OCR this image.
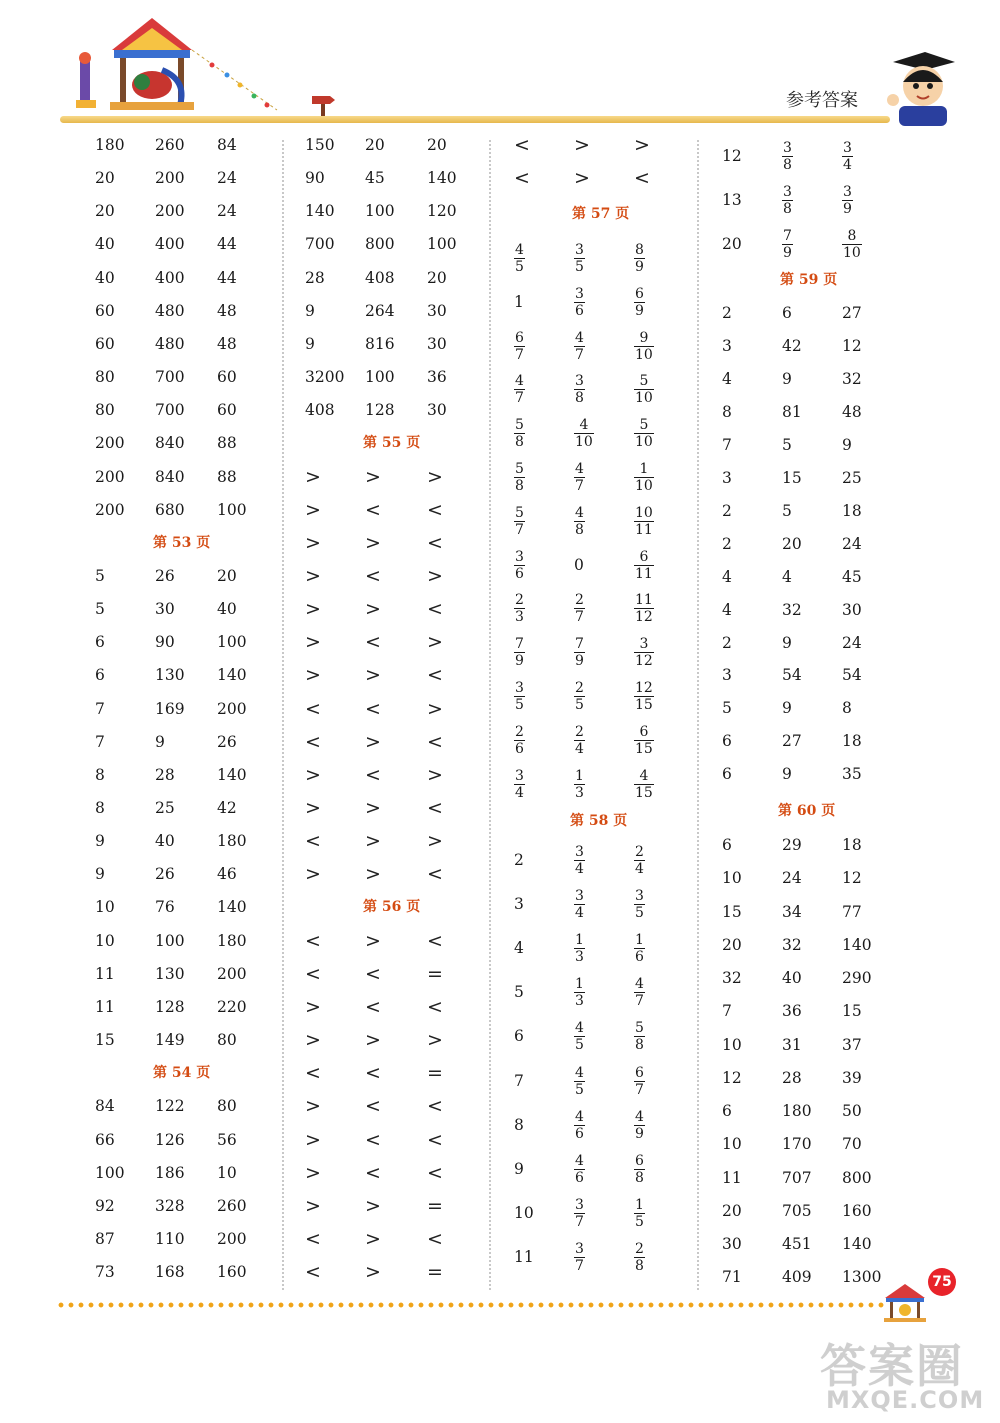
参考答案
180 260 84
20	200 24
20	200 24
40	400 44
40	400 44
60	480 48
60	480 48
80	700 60
80	700 60
200 840 88
200 840 88
200 680 100
第 53 页
5	26	20
5	30	40
6	90	100
6	130 140
7	169 200
7	9	26
8	28	140
8	25	42
9	40	180
9	26	46
10	76	140
10	100 180
11	130 200
11	128 220
15	149 80
第 54 页
84	122 80
66	126 56
100 186 10
92	328 260
87	110 200
73	168 160
150 20	20
90	45	140
140 100 120
700 800 100
28	408 20
9	264 30
9	816 30
3200 100 36
408 128 30
第 55 页
> > >
> < <
> > <
> < >
> > <
> < >
> > <
< < >
< > <
> < >
> > <
< > >
> > <
第 56 页
< > <
< < =
> < <
> > >
< < =
> < <
> < <
> < <
> > =
< > <
< > =
< > >
< > <
第 57 页
$\frac{4}{5}$	$\frac{3}{5}$	$\frac{8}{9}$
1	$\frac{3}{6}$	$\frac{6}{9}$
$\frac{6}{7}$	$\frac{4}{7}$	$\frac{9}{10}$
$\frac{4}{7}$	$\frac{3}{8}$	$\frac{5}{10}$
$\frac{5}{8}$	$\frac{4}{10}$	$\frac{5}{10}$
$\frac{5}{8}$	$\frac{4}{7}$	$\frac{1}{10}$
$\frac{5}{7}$	$\frac{4}{8}$	$\frac{10}{11}$
$\frac{3}{6}$	0	$\frac{6}{11}$
$\frac{2}{3}$	$\frac{2}{7}$	$\frac{11}{12}$
$\frac{7}{9}$	$\frac{7}{9}$	$\frac{3}{12}$
$\frac{3}{5}$	$\frac{2}{5}$	$\frac{12}{15}$
$\frac{2}{6}$	$\frac{2}{4}$	$\frac{6}{15}$
$\frac{3}{4}$	$\frac{1}{3}$	$\frac{4}{15}$
第 58 页
2	$\frac{3}{4}$	$\frac{2}{4}$
3	$\frac{3}{4}$	$\frac{3}{5}$
4	$\frac{1}{3}$	$\frac{1}{6}$
5	$\frac{1}{3}$	$\frac{4}{7}$
6	$\frac{4}{5}$	$\frac{5}{8}$
7	$\frac{4}{5}$	$\frac{6}{7}$
8	$\frac{4}{6}$	$\frac{4}{9}$
9	$\frac{4}{6}$	$\frac{6}{8}$
10	$\frac{3}{7}$	$\frac{1}{5}$
11	$\frac{3}{7}$	$\frac{2}{8}$
12	$\frac{3}{8}$	$\frac{3}{4}$
13	$\frac{3}{8}$	$\frac{3}{9}$
20	$\frac{7}{9}$	$\frac{8}{10}$
第 59 页
2	6	27
3	42	12
4	9	32
8	81	48
7	5	9
3	15	25
2	5	18
2	20	24
4	4	45
4	32	30
2	9	24
3	54	54
5	9	8
6	27	18
6	9	35
第 60 页
6	29	18
10	24	12
15	34	77
20	32	140
32	40	290
7	36	15
10	31	37
12	28	39
6	180 50
10	170 70
11	707 800
20	705 160
30	451 140
71	409 1300	75
答案圈
MXQE.COM
